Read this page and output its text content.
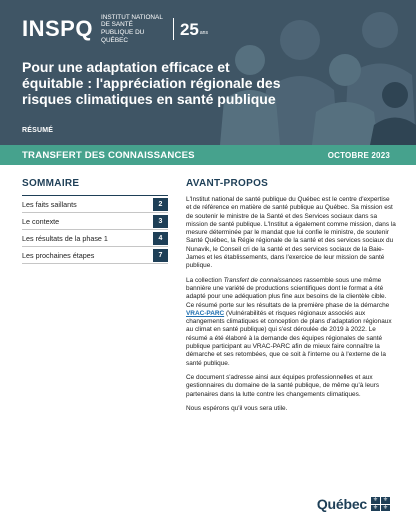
INSPQ INSTITUT NATIONAL DE SANTÉ PUBLIQUE DU QUÉBEC
25 ans
Pour une adaptation efficace et équitable : l'appréciation régionale des risques climatiques en santé publique
RÉSUMÉ
TRANSFERT DES CONNAISSANCES	OCTOBRE 2023
SOMMAIRE
Les faits saillants	2
Le contexte	3
Les résultats de la phase 1	4
Les prochaines étapes	7
AVANT-PROPOS

L'Institut national de santé publique du Québec est le centre d'expertise et de référence en matière de santé publique au Québec. Sa mission est de soutenir le ministre de la Santé et des Services sociaux dans sa mission de santé publique. L'Institut a également comme mission, dans la mesure déterminée par le mandat que lui confie le ministre, de soutenir Santé Québec, la Régie régionale de la santé et des services sociaux du Nunavik, le Conseil cri de la santé et des services sociaux de la Baie-James et les établissements, dans l'exercice de leur mission de santé publique.

La collection Transfert de connaissances rassemble sous une même bannière une variété de productions scientifiques dont le format a été adapté pour une adéquation plus fine aux besoins de la clientèle cible. Ce résumé porte sur les résultats de la première phase de la démarche VRAC-PARC (Vulnérabilités et risques régionaux associés aux changements climatiques et conception de plans d'adaptation régionaux au climat en santé publique) qui s'est déroulée de 2019 à 2022. Le résumé a été élaboré à la demande des équipes régionales de santé publique participant au VRAC-PARC afin de mieux faire connaître la démarche et ses retombées, que ce soit à l'interne ou à l'externe de la santé publique.

Ce document s'adresse ainsi aux équipes professionnelles et aux gestionnaires du domaine de la santé publique, de même qu'à leurs partenaires dans la lutte contre les changements climatiques.

Nous espérons qu'il vous sera utile.

Québec	⚜ ⚜
⚜ ⚜
